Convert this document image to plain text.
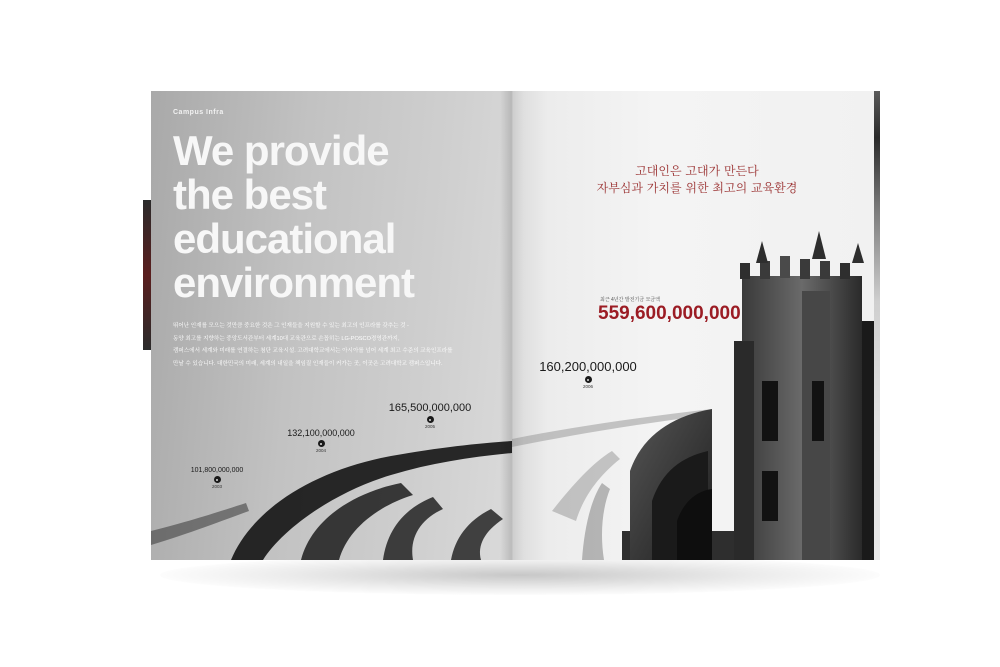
Campus Infra
We provide
the best
educational
environment
뛰어난 인재를 모으는 것만큼 중요한 것은 그 인재들을 지원할 수 있는 최고의 인프라를 갖추는 것 -
동양 최고를 지향하는 중앙도서관부터 세계10대 교육관으로 손꼽히는 LG-POSCO경영관까지,
캠퍼스에서 세계와 미래를 연결하는 첨단 교육시설. 고려대학교에서는 아시아를 넘어 세계 최고 수준의 교육인프라를
만날 수 있습니다. 대한민국의 미래, 세계의 내일을 책임질 인재들이 커가는 곳, 이곳은 고려대학교 캠퍼스입니다.
101,800,000,000
2003
132,100,000,000
2004
165,500,000,000
2005
고대인은 고대가 만든다
자부심과 가치를 위한 최고의 교육환경
최근 4년간 발전기금 모금액
559,600,000,000
160,200,000,000
2006
